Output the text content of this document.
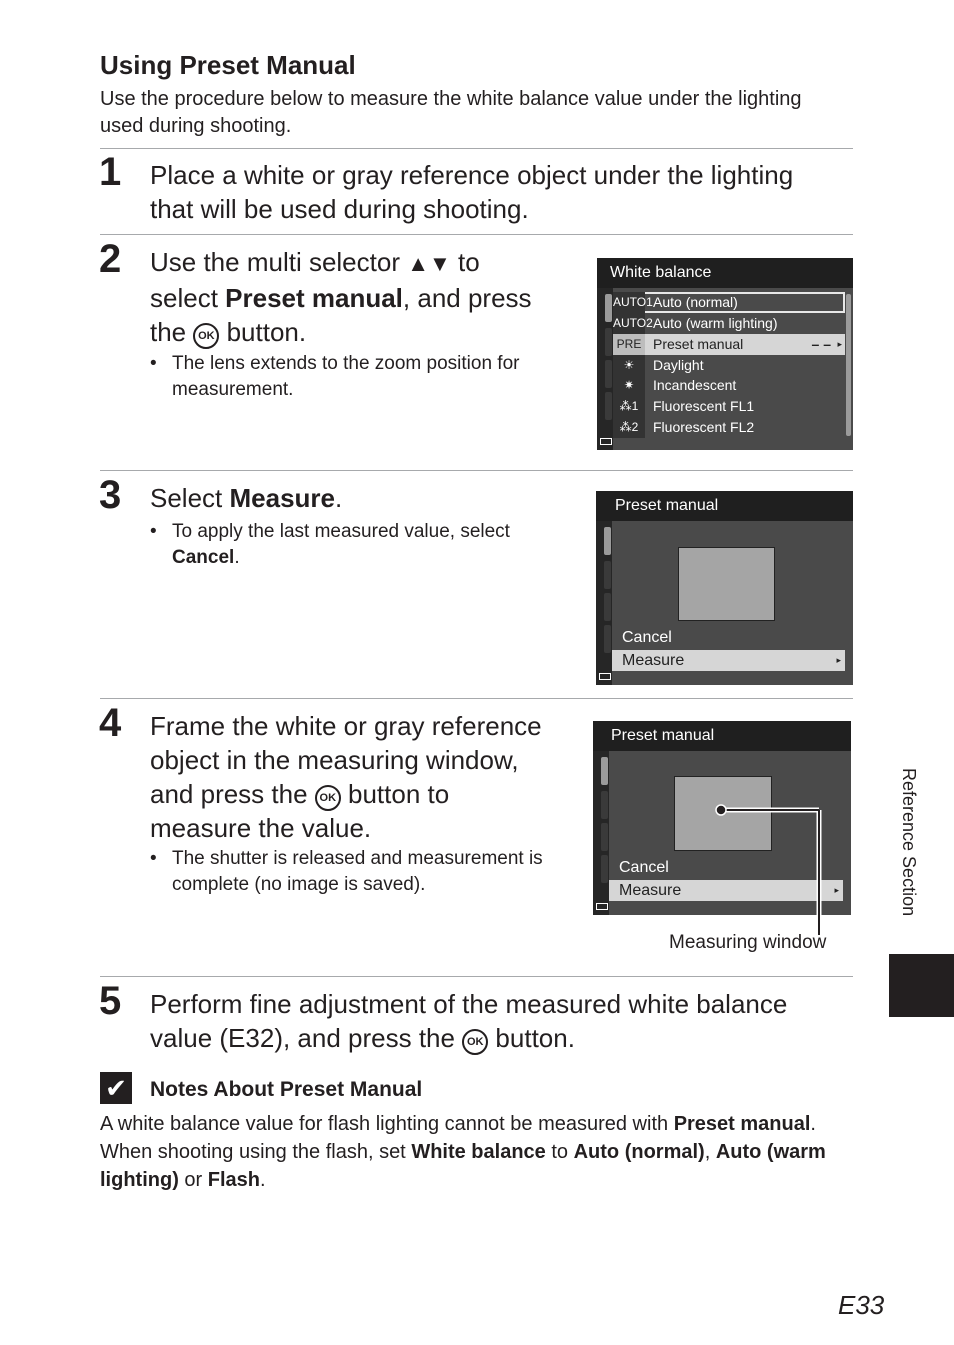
Using Preset Manual
Use the procedure below to measure the white balance value under the lighting used during shooting.
1 Place a white or gray reference object under the lighting
that will be used during shooting.
2 Use the multi selector ▲▼ to
select Preset manual, and press
the OK button.
• The lens extends to the zoom position for
measurement.
White balance
AUTO1 Auto (normal)
AUTO2 Auto (warm lighting)
PRE Preset manual	– – ▸
☀	Daylight
✷	Incandescent
⁂1	Fluorescent FL1
⁂2	Fluorescent FL2
3 Select Measure.
• To apply the last measured value, select
Cancel.
Preset manual
Cancel
Measure	▸
4 Frame the white or gray reference
object in the measuring window,
and press the OK button to
measure the value.
• The shutter is released and measurement is
complete (no image is saved).
Preset manual
Cancel
Measure	▸
Measuring window
5 Perform fine adjustment of the measured white balance
value (E32), and press the OK button.
✔ Notes About Preset Manual
A white balance value for flash lighting cannot be measured with Preset manual. When shooting using the flash, set White balance to Auto (normal), Auto (warm lighting) or Flash.
Reference Section
E33
